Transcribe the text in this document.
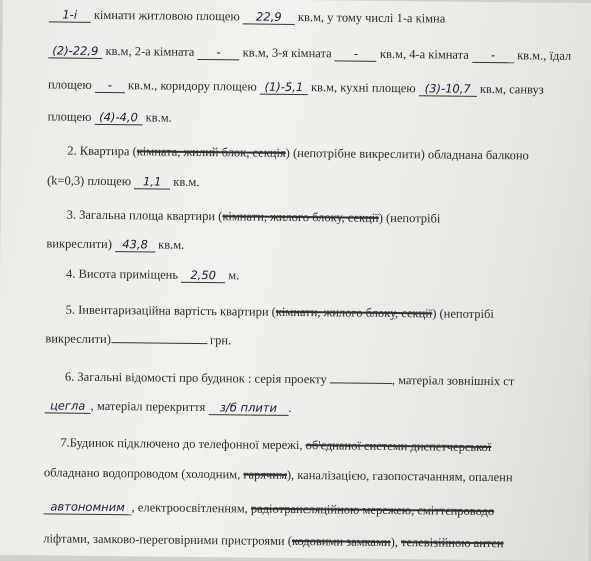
1-і кімнати житловою площею 22,9 кв.м, у тому числі 1-а кімна
(2)-22,9 кв.м, 2-а кімната - кв.м, 3-я кімната - кв.м, 4-а кімната - кв.м., їдал
площею - кв.м., коридору площею (1)-5,1 кв.м, кухні площею (3)-10,7 кв.м, санвуз
площею (4)-4,0 кв.м.
2. Квартира (кімната, жилий блок, секція) (непотрібне викреслити) обладнана балконо
(k=0,3) площею 1,1 кв.м.
3. Загальна площа квартири (кімнати, жилого блоку, секції) (непотрібі
викреслити) 43,8 кв.м.
4. Висота приміщень 2,50 м.
5. Інвентаризаційна вартість квартири (кімнати, жилого блоку, секції) (непотрібі
викреслити)	грн.
6. Загальні відомості про будинок : серія проекту	, матеріал зовнішніх ст
цегла , матеріал перекриття з/б плити .
7.Будинок підключено до телефонної мережі, об'єднаної системи диспетчерської
обладнано водопроводом (холодним, гарячим), каналізацією, газопостачанням, опаленн
автономним , електроосвітленням, радіотрансляційною мережею, сміттєпроводо
ліфтами, замково-переговірними пристроями (кодовими замками), телевізійною антен
